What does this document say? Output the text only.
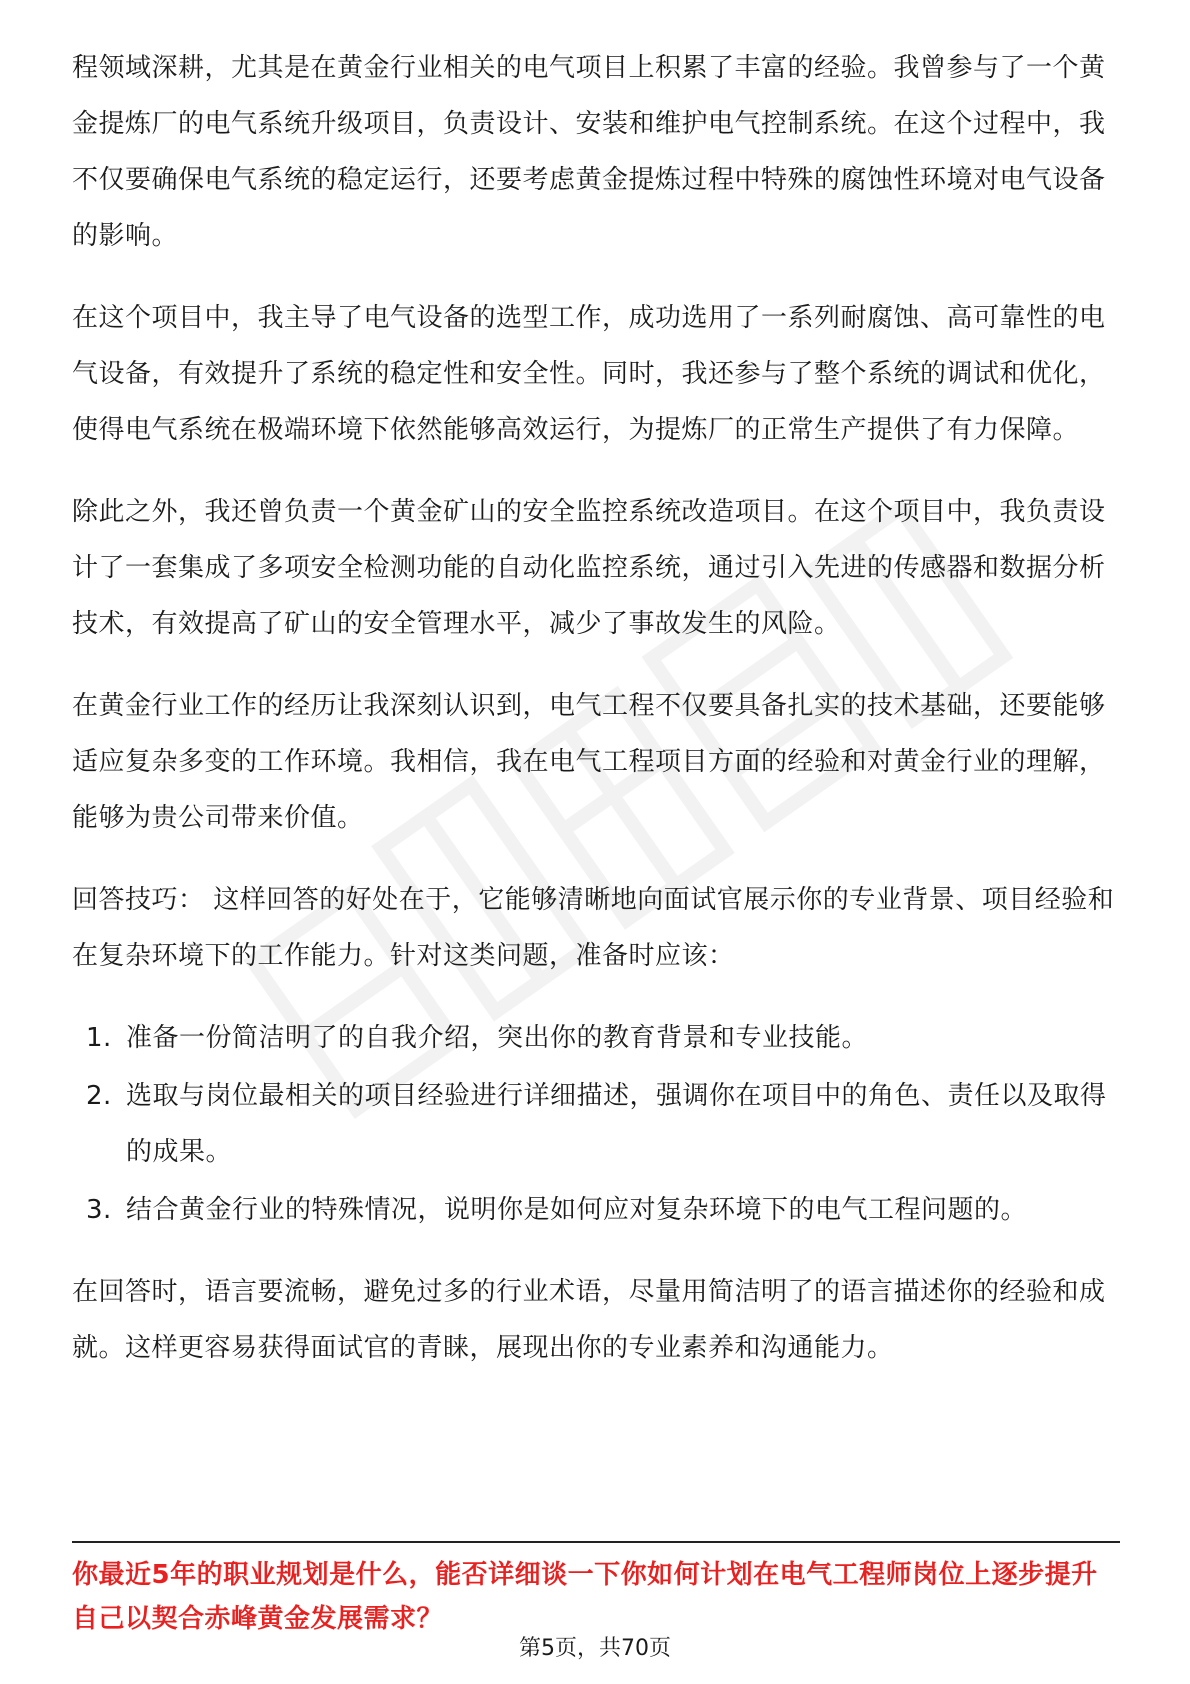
程领域深耕，尤其是在黄金行业相关的电气项目上积累了丰富的经验。我曾参与了一个黄金提炼厂的电气系统升级项目，负责设计、安装和维护电气控制系统。在这个过程中，我不仅要确保电气系统的稳定运行，还要考虑黄金提炼过程中特殊的腐蚀性环境对电气设备的影响。

在这个项目中，我主导了电气设备的选型工作，成功选用了一系列耐腐蚀、高可靠性的电气设备，有效提升了系统的稳定性和安全性。同时，我还参与了整个系统的调试和优化，使得电气系统在极端环境下依然能够高效运行，为提炼厂的正常生产提供了有力保障。

除此之外，我还曾负责一个黄金矿山的安全监控系统改造项目。在这个项目中，我负责设计了一套集成了多项安全检测功能的自动化监控系统，通过引入先进的传感器和数据分析技术，有效提高了矿山的安全管理水平，减少了事故发生的风险。

在黄金行业工作的经历让我深刻认识到，电气工程不仅要具备扎实的技术基础，还要能够适应复杂多变的工作环境。我相信，我在电气工程项目方面的经验和对黄金行业的理解，能够为贵公司带来价值。

回答技巧： 这样回答的好处在于，它能够清晰地向面试官展示你的专业背景、项目经验和在复杂环境下的工作能力。针对这类问题，准备时应该：

1. 准备一份简洁明了的自我介绍，突出你的教育背景和专业技能。
2. 选取与岗位最相关的项目经验进行详细描述，强调你在项目中的角色、责任以及取得的成果。
3. 结合黄金行业的特殊情况，说明你是如何应对复杂环境下的电气工程问题的。

在回答时，语言要流畅，避免过多的行业术语，尽量用简洁明了的语言描述你的经验和成就。这样更容易获得面试官的青睐，展现出你的专业素养和沟通能力。

你最近5年的职业规划是什么，能否详细谈一下你如何计划在电气工程师岗位上逐步提升自己以契合赤峰黄金发展需求？
第5页，共70页
